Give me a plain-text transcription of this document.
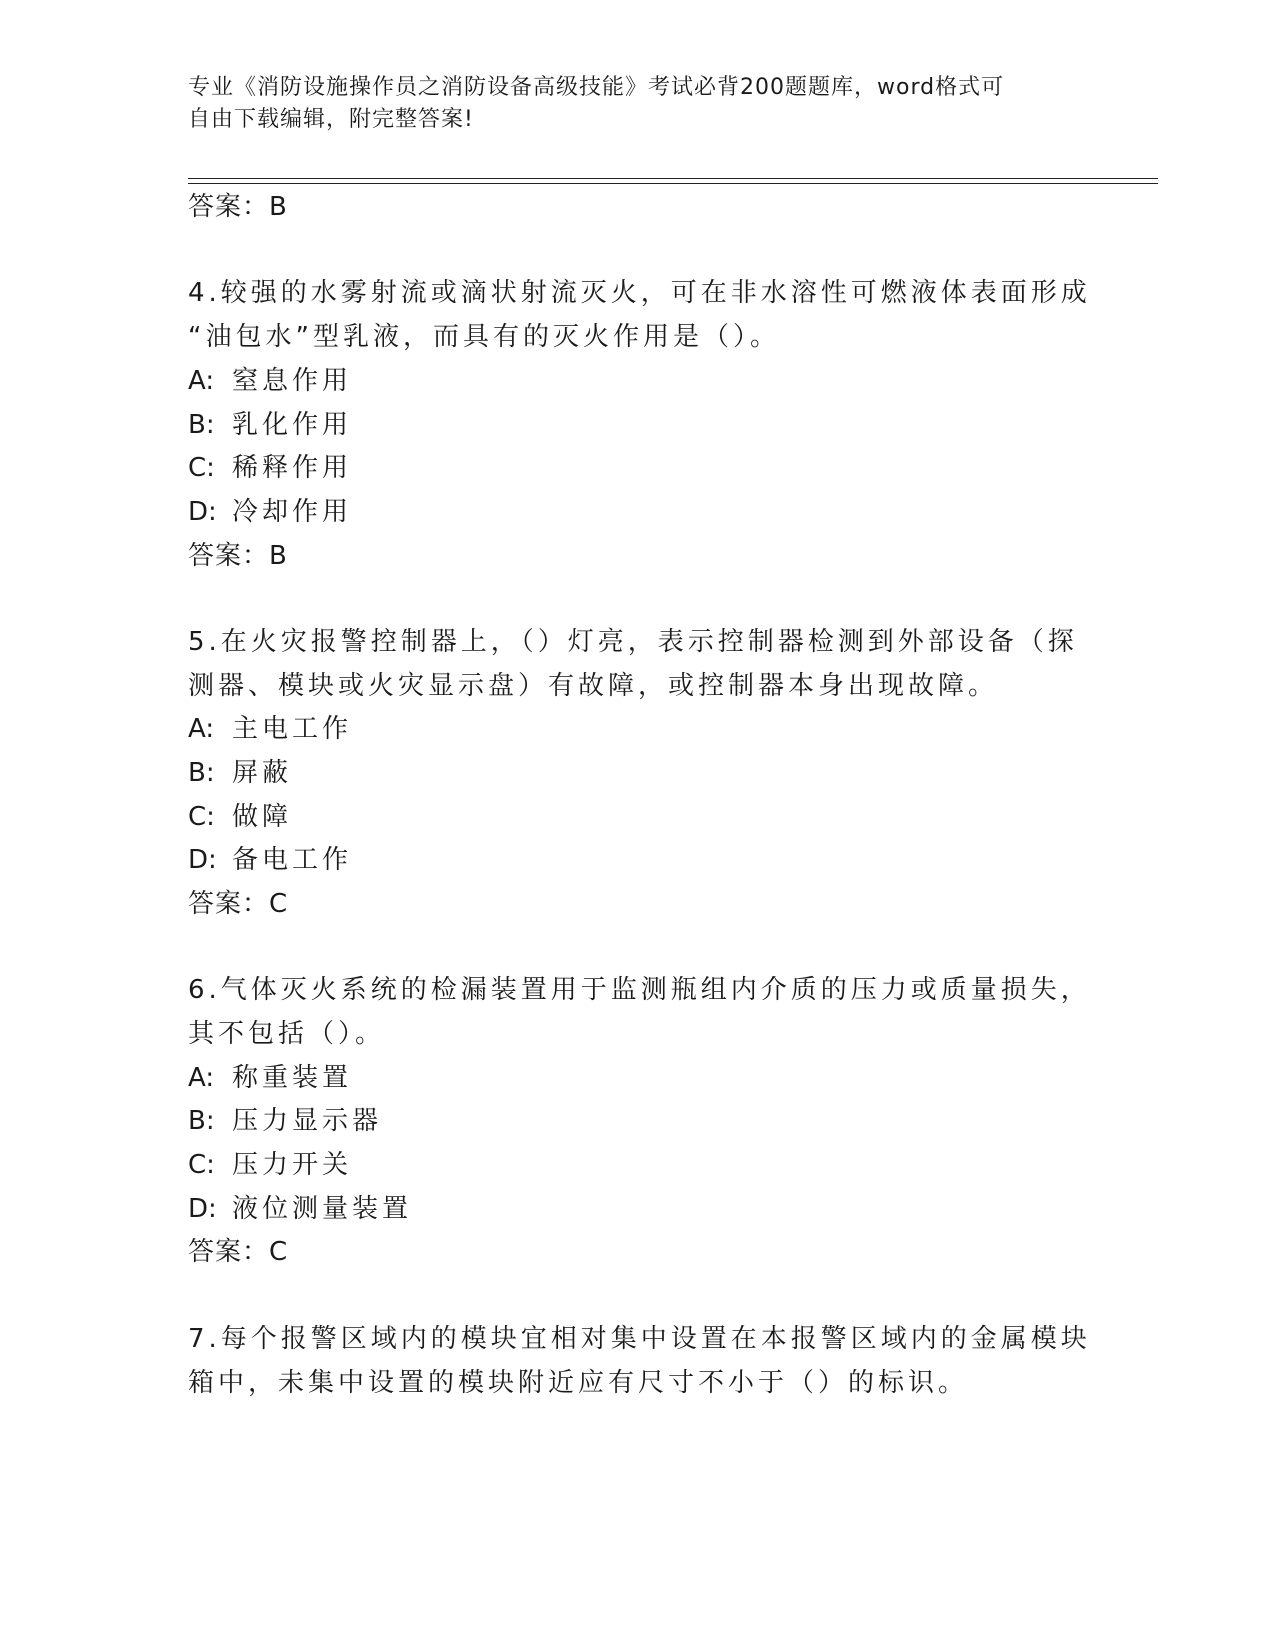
专业《消防设施操作员之消防设备高级技能》考试必背200题题库，word格式可
自由下载编辑，附完整答案!
答案：B
4.较强的水雾射流或滴状射流灭火，可在非水溶性可燃液体表面形成
“油包水”型乳液，而具有的灭火作用是（）。
A: 窒息作用
B: 乳化作用
C: 稀释作用
D: 冷却作用
答案：B
5.在火灾报警控制器上，（）灯亮，表示控制器检测到外部设备（探
测器、模块或火灾显示盘）有故障，或控制器本身出现故障。
A: 主电工作
B: 屏蔽
C: 做障
D: 备电工作
答案：C
6.气体灭火系统的检漏装置用于监测瓶组内介质的压力或质量损失，
其不包括（）。
A: 称重装置
B: 压力显示器
C: 压力开关
D: 液位测量装置
答案：C
7.每个报警区域内的模块宜相对集中设置在本报警区域内的金属模块
箱中，未集中设置的模块附近应有尺寸不小于（）的标识。
